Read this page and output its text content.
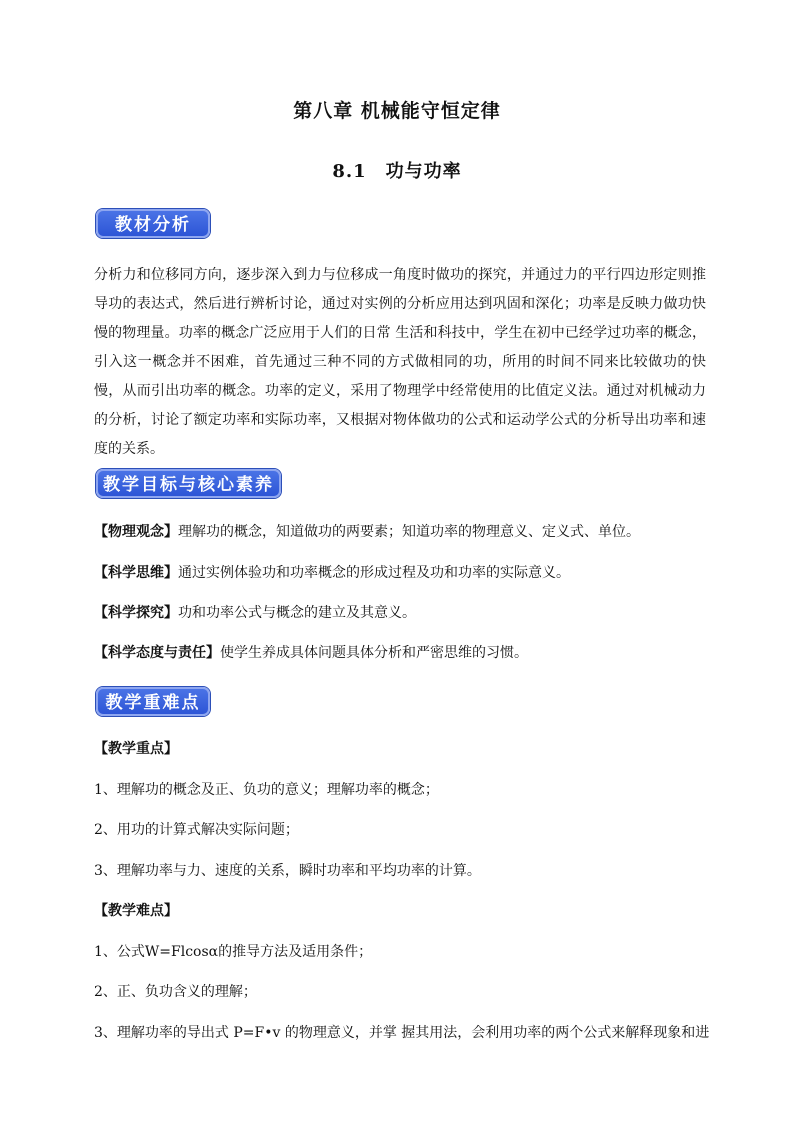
第八章 机械能守恒定律
8.1　功与功率
教材分析
分析力和位移同方向，逐步深入到力与位移成一角度时做功的探究，并通过力的平行四边形定则推导功的表达式，然后进行辨析讨论，通过对实例的分析应用达到巩固和深化；功率是反映力做功快慢的物理量。功率的概念广泛应用于人们的日常 生活和科技中，学生在初中已经学过功率的概念，引入这一概念并不困难，首先通过三种不同的方式做相同的功，所用的时间不同来比较做功的快慢，从而引出功率的概念。功率的定义，采用了物理学中经常使用的比值定义法。通过对机械动力的分析，讨论了额定功率和实际功率，又根据对物体做功的公式和运动学公式的分析导出功率和速度的关系。
教学目标与核心素养
【物理观念】理解功的概念，知道做功的两要素；知道功率的物理意义、定义式、单位。
【科学思维】通过实例体验功和功率概念的形成过程及功和功率的实际意义。
【科学探究】功和功率公式与概念的建立及其意义。
【科学态度与责任】使学生养成具体问题具体分析和严密思维的习惯。
教学重难点
【教学重点】
1、理解功的概念及正、负功的意义；理解功率的概念；
2、用功的计算式解决实际问题；
3、理解功率与力、速度的关系，瞬时功率和平均功率的计算。
【教学难点】
1、公式W=Flcosα的推导方法及适用条件；
2、正、负功含义的理解；
3、理解功率的导出式 P=F•v 的物理意义，并掌 握其用法，会利用功率的两个公式来解释现象和进
